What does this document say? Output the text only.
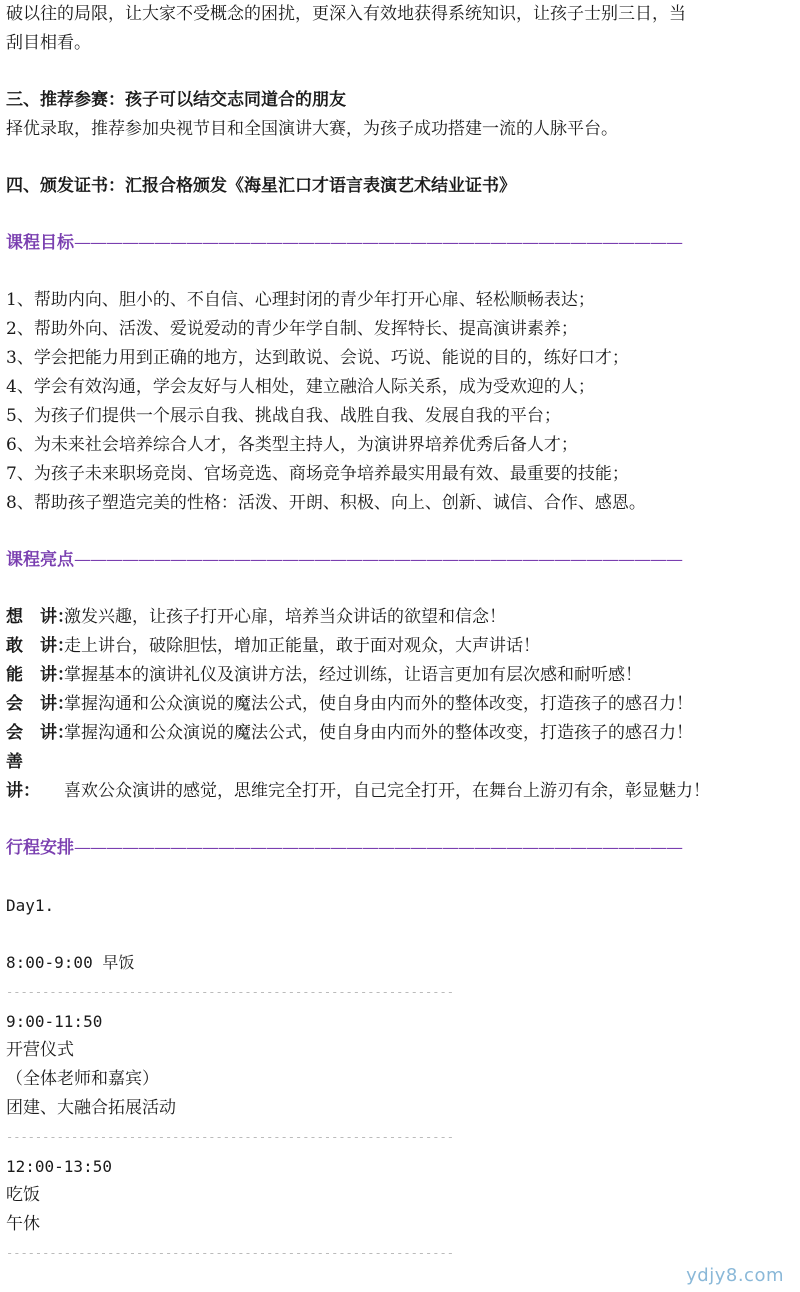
破以往的局限，让大家不受概念的困扰，更深入有效地获得系统知识，让孩子士别三日，当

刮目相看。

三、推荐参赛：孩子可以结交志同道合的朋友

择优录取，推荐参加央视节目和全国演讲大赛，为孩子成功搭建一流的人脉平台。

四、颁发证书：汇报合格颁发《海星汇口才语言表演艺术结业证书》

课程目标——————————————————————————————————————

1、帮助内向、胆小的、不自信、心理封闭的青少年打开心扉、轻松顺畅表达；

2、帮助外向、活泼、爱说爱动的青少年学自制、发挥特长、提高演讲素养；

3、学会把能力用到正确的地方，达到敢说、会说、巧说、能说的目的，练好口才；

4、学会有效沟通，学会友好与人相处，建立融洽人际关系，成为受欢迎的人；

5、为孩子们提供一个展示自我、挑战自我、战胜自我、发展自我的平台；

6、为未来社会培养综合人才，各类型主持人，为演讲界培养优秀后备人才；

7、为孩子未来职场竞岗、官场竞选、商场竞争培养最实用最有效、最重要的技能；

8、帮助孩子塑造完美的性格：活泼、开朗、积极、向上、创新、诚信、合作、感恩。

课程亮点——————————————————————————————————————

想　讲：激发兴趣，让孩子打开心扉，培养当众讲话的欲望和信念！

敢　讲：走上讲台，破除胆怯，增加正能量，敢于面对观众，大声讲话！

能　讲：掌握基本的演讲礼仪及演讲方法，经过训练，让语言更加有层次感和耐听感！

会　讲：掌握沟通和公众演说的魔法公式，使自身由内而外的整体改变，打造孩子的感召力！

会　讲：掌握沟通和公众演说的魔法公式，使自身由内而外的整体改变，打造孩子的感召力！

善　讲： 喜欢公众演讲的感觉，思维完全打开，自己完全打开，在舞台上游刃有余，彰显魅力！

行程安排——————————————————————————————————————

Day1.

8:00-9:00 早饭

--------------------------------------------------------------

9:00-11:50

开营仪式

（全体老师和嘉宾）

团建、大融合拓展活动

--------------------------------------------------------------

12:00-13:50

吃饭

午休

--------------------------------------------------------------

ydjy8.com
